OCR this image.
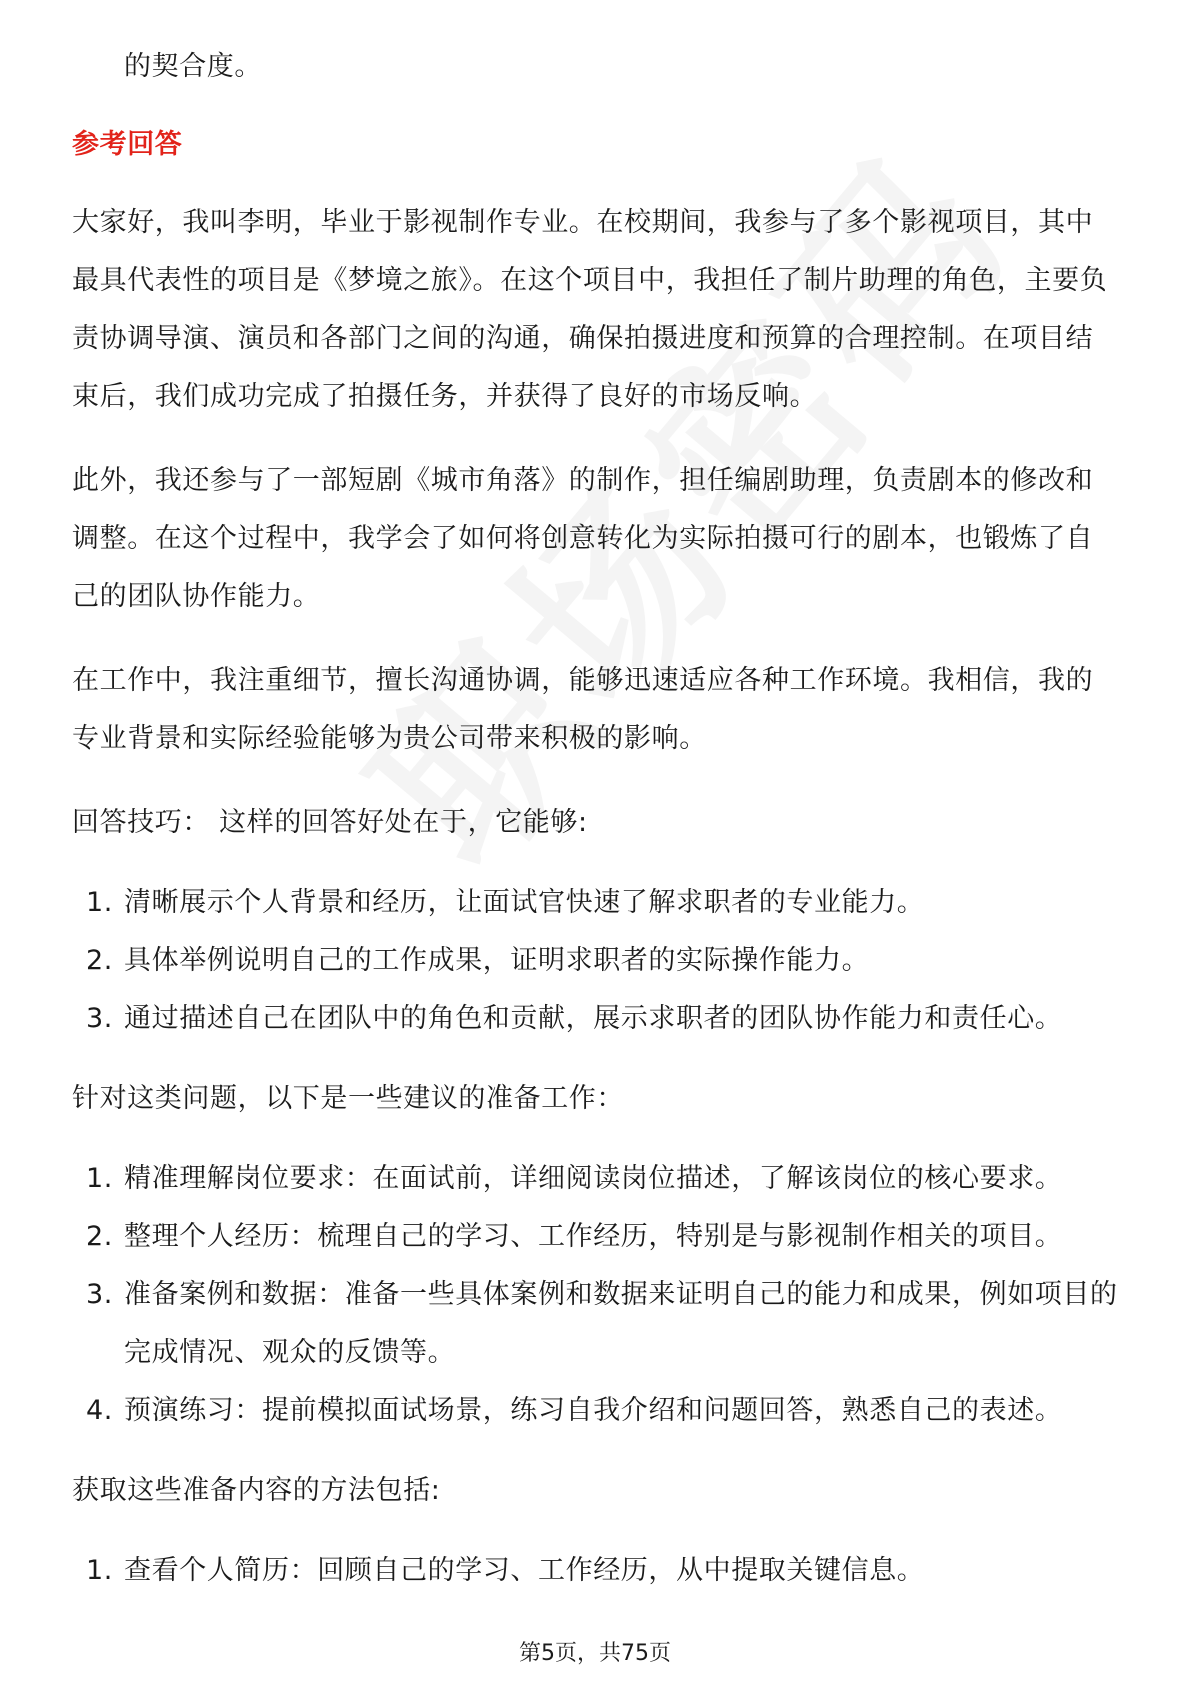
的契合度。

参考回答

大家好，我叫李明，毕业于影视制作专业。在校期间，我参与了多个影视项目，其中最具代表性的项目是《梦境之旅》。在这个项目中，我担任了制片助理的角色，主要负责协调导演、演员和各部门之间的沟通，确保拍摄进度和预算的合理控制。在项目结束后，我们成功完成了拍摄任务，并获得了良好的市场反响。

此外，我还参与了一部短剧《城市角落》的制作，担任编剧助理，负责剧本的修改和调整。在这个过程中，我学会了如何将创意转化为实际拍摄可行的剧本，也锻炼了自己的团队协作能力。

在工作中，我注重细节，擅长沟通协调，能够迅速适应各种工作环境。我相信，我的专业背景和实际经验能够为贵公司带来积极的影响。

回答技巧： 这样的回答好处在于，它能够:

1. 清晰展示个人背景和经历，让面试官快速了解求职者的专业能力。
2. 具体举例说明自己的工作成果，证明求职者的实际操作能力。
3. 通过描述自己在团队中的角色和贡献，展示求职者的团队协作能力和责任心。

针对这类问题，以下是一些建议的准备工作：

1. 精准理解岗位要求：在面试前，详细阅读岗位描述，了解该岗位的核心要求。
2. 整理个人经历：梳理自己的学习、工作经历，特别是与影视制作相关的项目。
3. 准备案例和数据：准备一些具体案例和数据来证明自己的能力和成果，例如项目的完成情况、观众的反馈等。
4. 预演练习：提前模拟面试场景，练习自我介绍和问题回答，熟悉自己的表述。

获取这些准备内容的方法包括:

1. 查看个人简历：回顾自己的学习、工作经历，从中提取关键信息。
第5页，共75页
